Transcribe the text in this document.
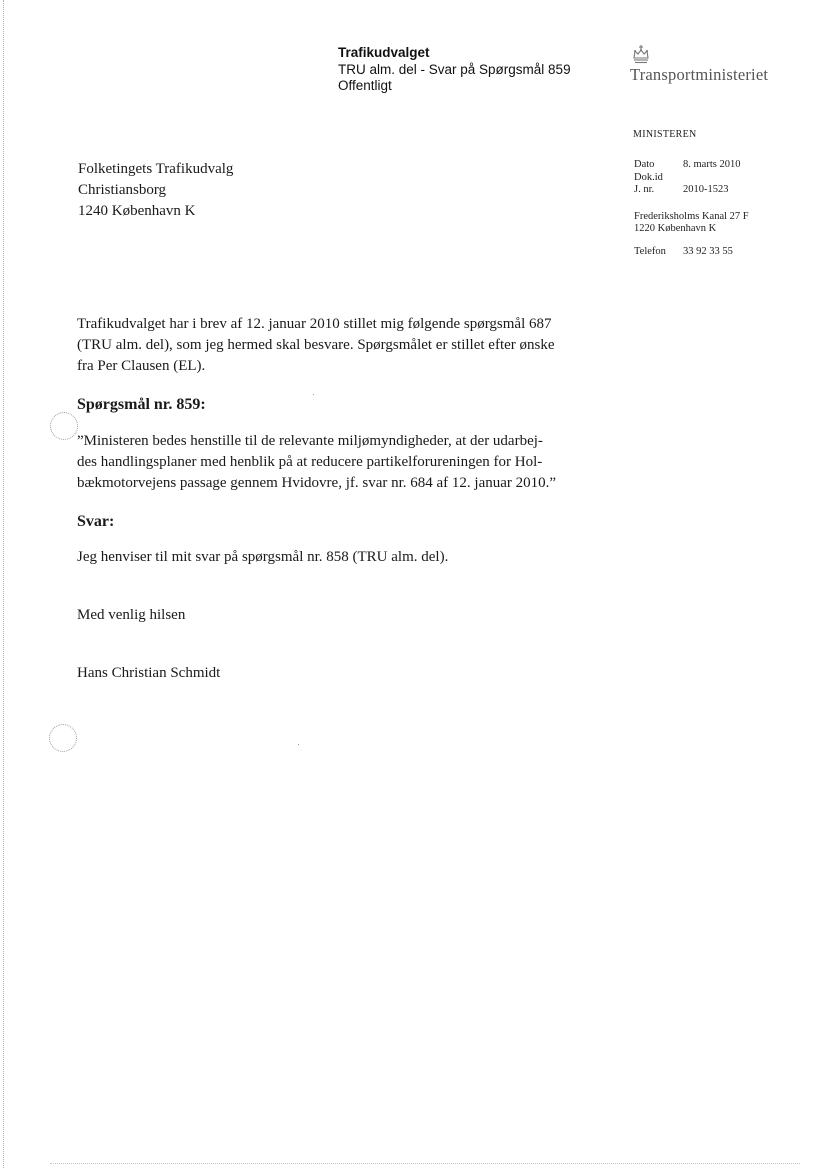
Trafikudvalget
TRU alm. del - Svar på Spørgsmål 859
Offentligt
Transportministeriet
MINISTEREN
Dato	8. marts 2010
Dok.id
J. nr.	2010-1523
Frederiksholms Kanal 27 F
1220 København K
Telefon	33 92 33 55
Folketingets Trafikudvalg
Christiansborg
1240 København K

Trafikudvalget har i brev af 12. januar 2010 stillet mig følgende spørgsmål 687
(TRU alm. del), som jeg hermed skal besvare. Spørgsmålet er stillet efter ønske
fra Per Clausen (EL).

Spørgsmål nr. 859:

”Ministeren bedes henstille til de relevante miljømyndigheder, at der udarbej-
des handlingsplaner med henblik på at reducere partikelforureningen for Hol-
bækmotorvejens passage gennem Hvidovre, jf. svar nr. 684 af 12. januar 2010.”

Svar:

Jeg henviser til mit svar på spørgsmål nr. 858 (TRU alm. del).

Med venlig hilsen

Hans Christian Schmidt
